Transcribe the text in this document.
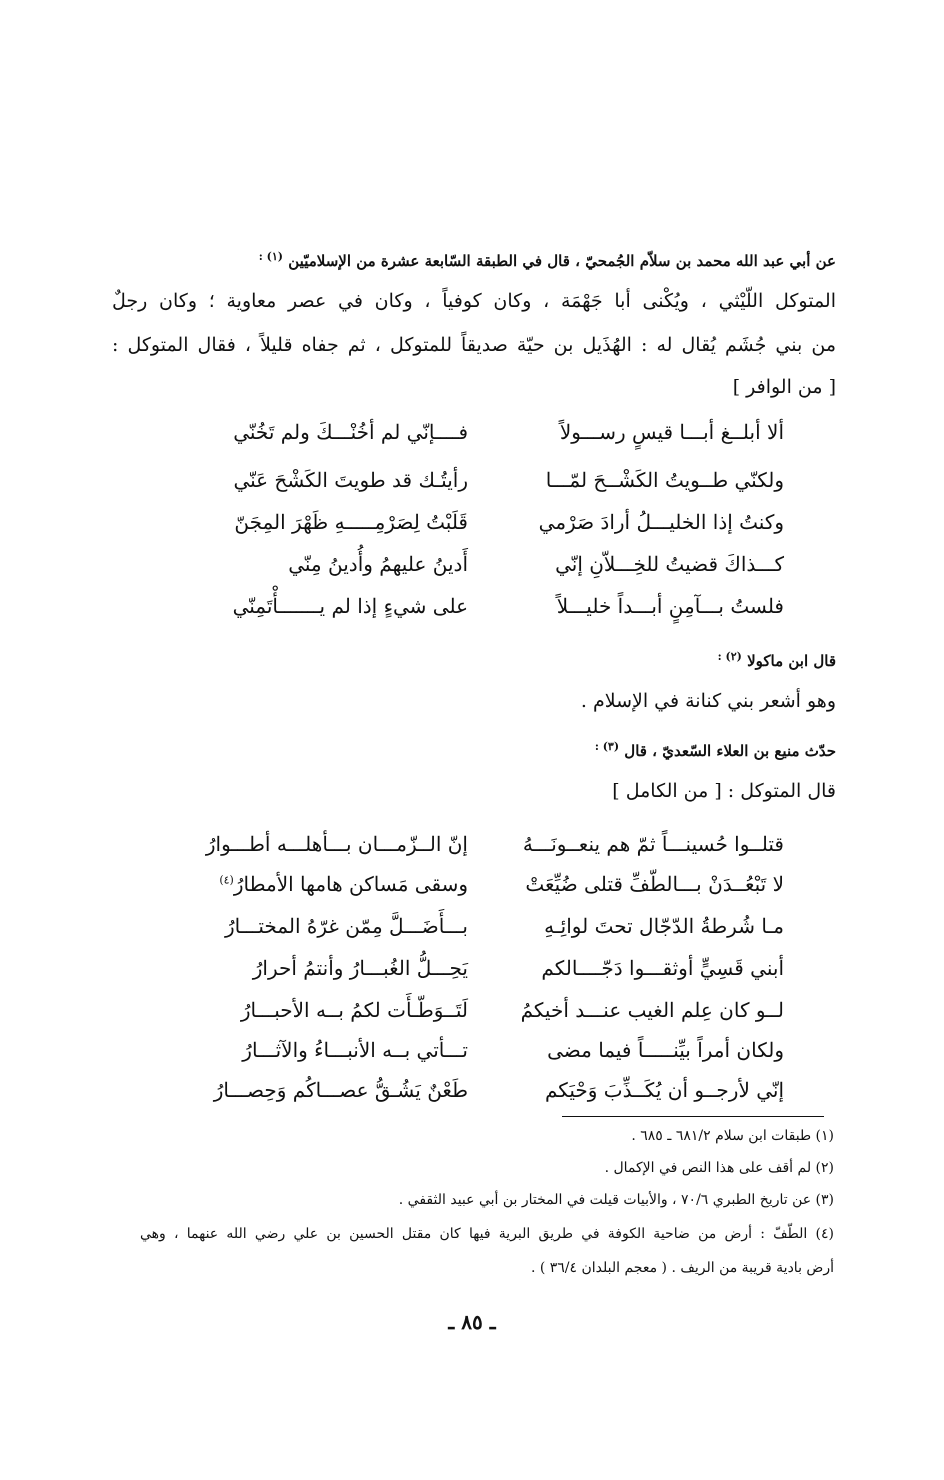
عن أبي عبد الله محمد بن سلاّم الجُمحيّ ، قال في الطبقة السّابعة عشرة من الإسلاميّين $^{(١) :}$
المتوكل اللّيْثي ، ويُكْنى أبا جَهْمَة ، وكان كوفياً ، وكان في عصر معاوية ؛ وكان رجلٌ
من بني جُشَم يُقال له : الهُذَيل بن حيّة صديقاً للمتوكل ، ثم جفاه قليلاً ، فقال المتوكل :
[ من الوافر ]
ألا أبلــغ أبـــا قيسٍ رســـولاً
فــــإنّي لم أخُنْـــكَ ولم تَخُنّي
ولكنّي طــويتُ الكَشْــحَ لمّـــا
رأيتُـك قد طويتَ الكَشْحَ عَنّي
وكنتُ إذا الخليـــلُ أرادَ صَرْمي
قَلَبْتُ لِصَرْمِـــــهِ ظَهْرَ المِجَنّ
كـــذاكَ قضيتُ للخِـــلاّنِ إنّي
أَدينُ عليهمُ وأُدينُ مِنّي
فلستُ بـــآمِنٍ أبـــداً خليـــلاً
على شيءٍ إذا لم يـــــــأْتَمِنّي
قال ابن ماكولا $^{(٢) :}$
وهو أشعر بني كنانة في الإسلام .
حدّث منيع بن العلاء السّعديّ ، قال $^{(٣) :}$
قال المتوكل : [ من الكامل ]
قتلــوا حُسينـــاً ثمّ هم ينعــونَـــهُ
إنّ الــزّمـــان بـــأهلـــه أطـــوارُ
لا تَبْعُــدَنْ بـــالطّفِّ قتلى ضُيِّعَتْ
وسقى مَساكن هامها الأمطارُ$^{(٤)}$
مـا شُرطةُ الدّجّال تحتَ لوائِـهِ
بـــأَضَـــلَّ مِمّن غرّهُ المختـــارُ
أبني قَسِيٍّ أوثقـــوا دَجّــــالكم
يَحِـــلُّ الغُبـــارُ وأنتمُ أحرارُ
لــو كان عِلم الغيب عنـــد أخيكمُ
لَتَــوَطّـأَت لكمُ بــه الأحبـــارُ
ولكان أمراً بيِّنـــــاً فيما مضى
تـــأتي بــه الأنبـــاءُ والآثـــارُ
إنّي لأرجــو أن يُكَــذِّبَ وَحْيَكم
طَعْنٌ يَشُـقُّ عصـــاكُم وَحِصـــارُ
(١) طبقات ابن سلام ٦٨١/٢ ـ ٦٨٥ .
(٢) لم أقف على هذا النص في الإكمال .
(٣) عن تاريخ الطبري ٧٠/٦ ، والأبيات قيلت في المختار بن أبي عبيد الثقفي .
(٤) الطّفّ : أرض من ضاحية الكوفة في طريق البرية فيها كان مقتل الحسين بن علي رضي الله عنهما ، وهي
أرض بادية قريبة من الريف . ( معجم البلدان ٣٦/٤ ) .
ـ ٨٥ ـ
